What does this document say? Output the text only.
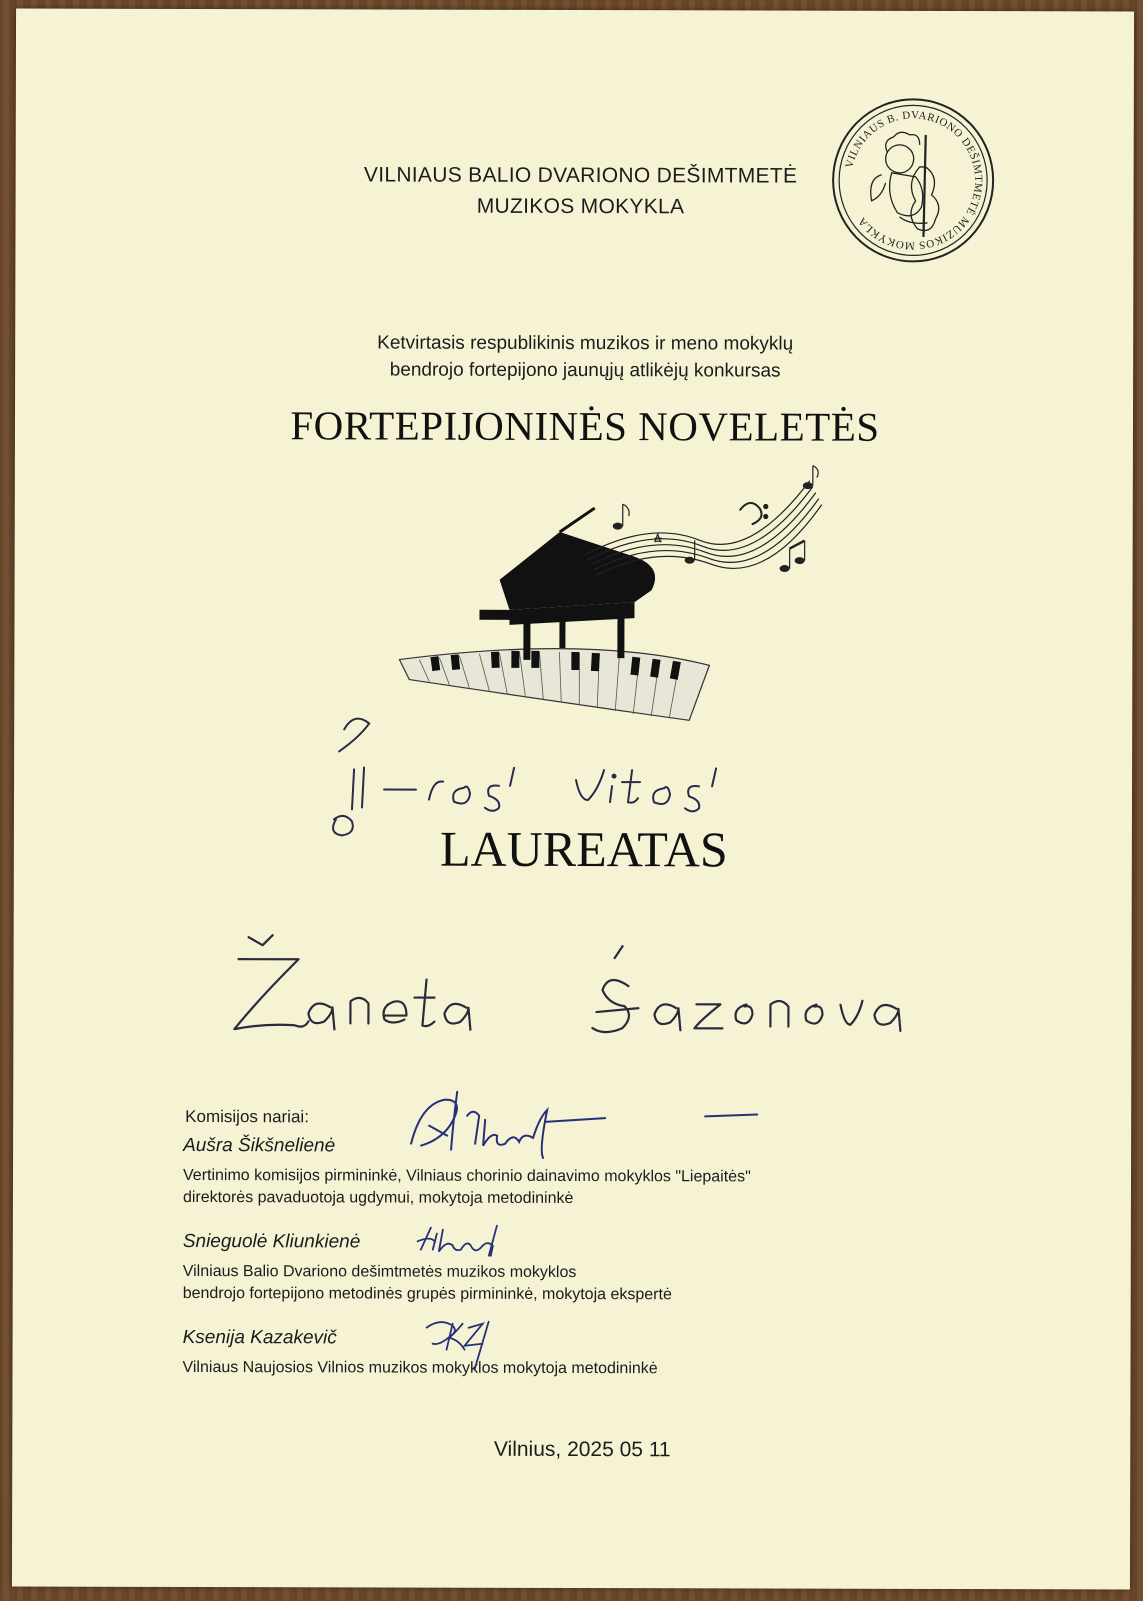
VILNIAUS BALIO DVARIONO DEŠIMTMETĖ
MUZIKOS MOKYKLA
VILNIAUS B. DVARIONO DEŠIMTMETĖ MUZIKOS MOKYKLA
Ketvirtasis respublikinis muzikos ir meno mokyklų
bendrojo fortepijono jaunųjų atlikėjų konkursas
FORTEPIJONINĖS NOVELETĖS
LAUREATAS
Komisijos nariai:
Aušra Šikšnelienė
Vertinimo komisijos pirmininkė, Vilniaus chorinio dainavimo mokyklos "Liepaitės"
direktorės pavaduotoja ugdymui, mokytoja metodininkė
Snieguolė Kliunkienė
Vilniaus Balio Dvariono dešimtmetės muzikos mokyklos
bendrojo fortepijono metodinės grupės pirmininkė, mokytoja ekspertė
Ksenija Kazakevič
Vilniaus Naujosios Vilnios muzikos mokyklos mokytoja metodininkė
Vilnius, 2025 05 11
